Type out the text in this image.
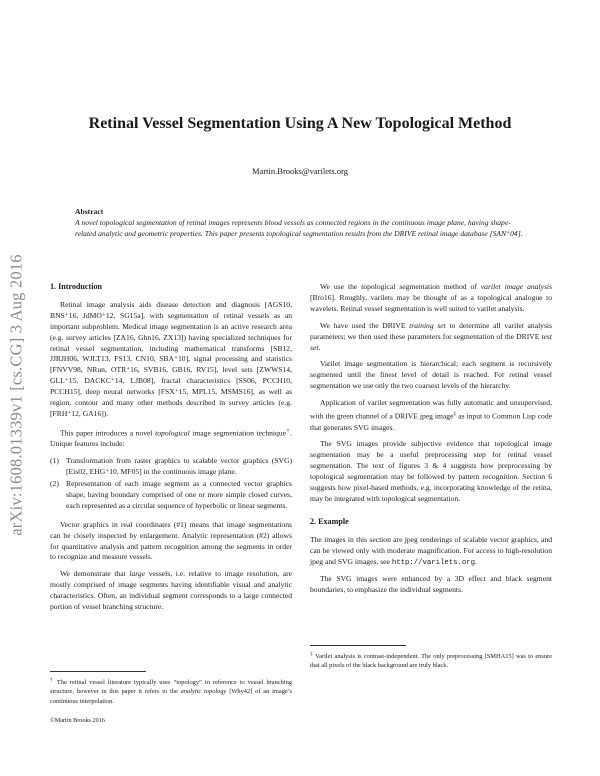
arXiv:1608.01339v1 [cs.CG] 3 Aug 2016
Retinal Vessel Segmentation Using A New Topological Method
Martin.Brooks@varilets.org
Abstract
A novel topological segmentation of retinal images represents blood vessels as connected regions in the continuous image plane, having shape-related analytic and geometric properties. This paper presents topological segmentation results from the DRIVE retinal image database [SAN⁺04].
1. Introduction

Retinal image analysis aids disease detection and diagnosis [AGS10, BNS⁺16, JdMO⁺12, SG15a], with segmentation of retinal vessels as an important subproblem. Medical image segmentation is an active research area (e.g. survey articles [ZA16, Ghn16, ZX13]) having specialized techniques for retinal vessel segmentation, including mathematical transforms [SB12, JJRJH06, WJLT13, FS13, CN10, SBA⁺10], signal processing and statistics [FNVV98, NRun, OTR⁺16, SVB16, GB16, RV15], level sets [ZWWS14, GLL⁺15, DACKC⁺14, LJB08], fractal characteristics [SS06, PCCH10, PCCH15], deep neural networks [FSX⁺15, MPL15, MSMS16], as well as region, contour and many other methods described in survey articles (e.g. [FRH⁺12, GA16]).

This paper introduces a novel topological image segmentation technique†. Unique features include:

(1) Transformation from raster graphics to scalable vector graphics (SVG) [Eis02, EHG⁺10, MF05] in the continuous image plane.
(2) Representation of each image segment as a connected vector graphics shape, having boundary comprised of one or more simple closed curves, each represented as a circular sequence of hyperbolic or linear segments.

Vector graphics in real coordinates (#1) means that image segmentations can be closely inspected by enlargement. Analytic representation (#2) allows for quantitative analysis and pattern recognition among the segments in order to recognize and measure vessels.

We demonstrate that large vessels, i.e. relative to image resolution, are mostly comprised of image segments having identifiable visual and analytic characteristics. Often, an individual segment corresponds to a large connected portion of vessel branching structure.

† The retinal vessel literature typically uses “topology” in reference to vessel branching structure, however in this paper it refers to the analytic topology [Why42] of an image’s continuous interpolation.
©Martin Brooks 2016

We use the topological segmentation method of varilet image analysis [Bro16]. Roughly, varilets may be thought of as a topological analogue to wavelets. Retinal vessel segmentation is well suited to varilet analysis.

We have used the DRIVE training set to determine all varilet analysis parameters; we then used these parameters for segmentation of the DRIVE test set.

Varilet image segmentation is hierarchical; each segment is recursively segmented until the finest level of detail is reached. For retinal vessel segmentation we use only the two coarsest levels of the hierarchy.

Application of varilet segmentation was fully automatic and unsupervised, with the green channel of a DRIVE jpeg image‡ as input to Common Lisp code that generates SVG images.

The SVG images provide subjective evidence that topological image segmentation may be a useful preprocessing step for retinal vessel segmentation. The text of figures 3 & 4 suggests how preprocessing by topological segmentation may be followed by pattern recognition. Section 6 suggests how pixel-based methods, e.g. incorporating knowledge of the retina, may be integrated with topological segmentation.

2. Example

The images in this section are jpeg renderings of scalable vector graphics, and can be viewed only with moderate magnification. For access to high-resolution jpeg and SVG images, see http://varilets.org.

The SVG images were enhanced by a 3D effect and black segment boundaries, to emphasize the individual segments.

‡ Varilet analysis is contrast-independent. The only preprocessing [SMHA15] was to ensure that all pixels of the black background are truly black.
